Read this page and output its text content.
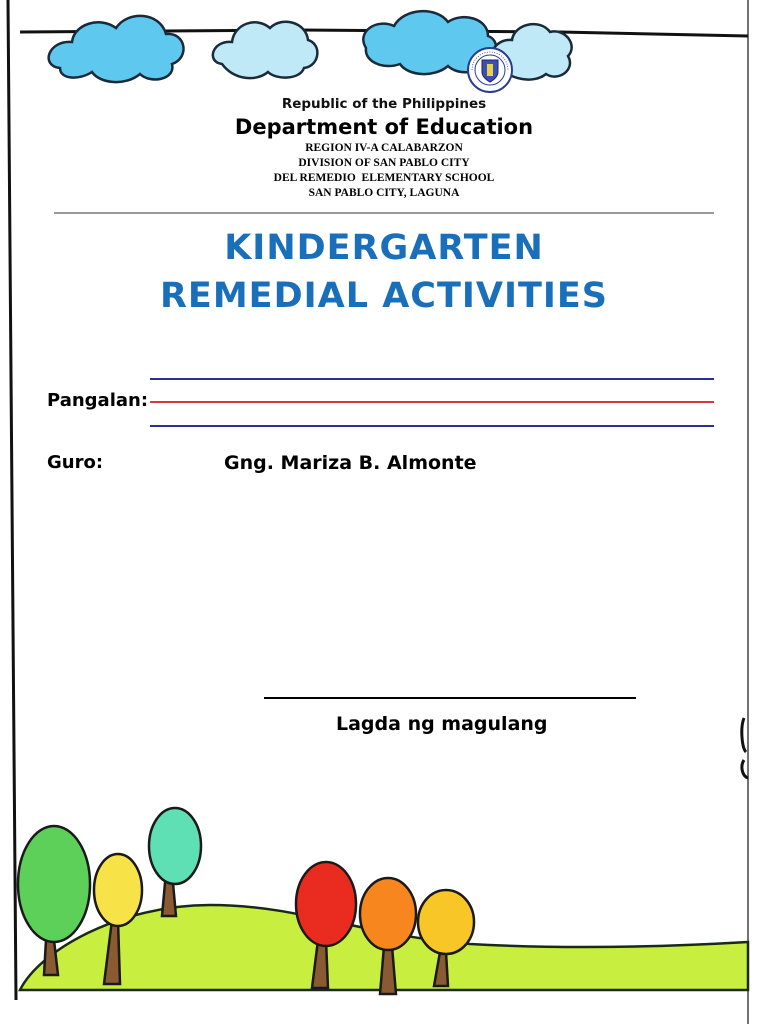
Republic of the Philippines
Department of Education
REGION IV-A CALABARZON
DIVISION OF SAN PABLO CITY
DEL REMEDIO  ELEMENTARY SCHOOL
SAN PABLO CITY, LAGUNA
KINDERGARTEN
REMEDIAL ACTIVITIES
Pangalan:
Guro:	Gng. Mariza B. Almonte
Lagda ng magulang
